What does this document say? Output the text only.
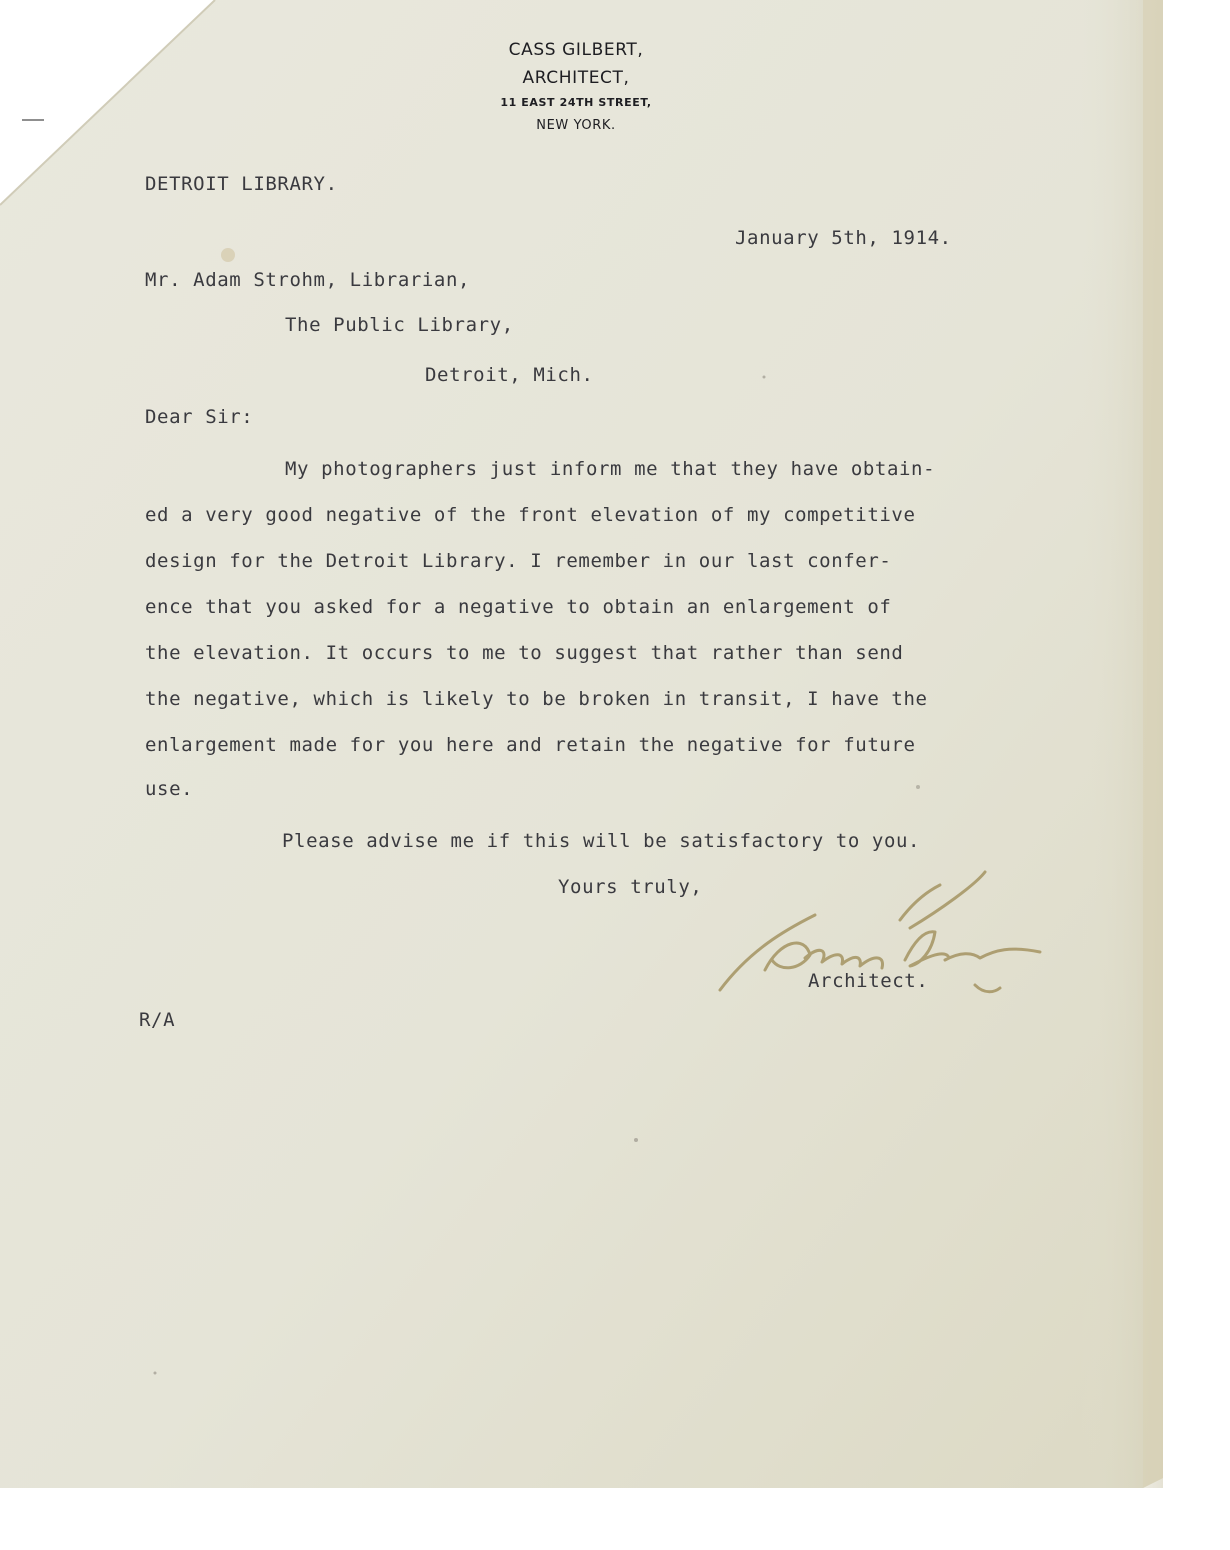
CASS GILBERT,
ARCHITECT,
11 EAST 24TH STREET,
NEW YORK.
DETROIT LIBRARY.
January 5th, 1914.
Mr. Adam Strohm, Librarian,
The Public Library,
Detroit, Mich.
Dear Sir:
My photographers just inform me that they have obtain-
ed a very good negative of the front elevation of my competitive
design for the Detroit Library. I remember in our last confer-
ence that you asked for a negative to obtain an enlargement of
the elevation. It occurs to me to suggest that rather than send
the negative, which is likely to be broken in transit, I have the
enlargement made for you here and retain the negative for future
use.
Please advise me if this will be satisfactory to you.
Yours truly,
Architect.
R/A
